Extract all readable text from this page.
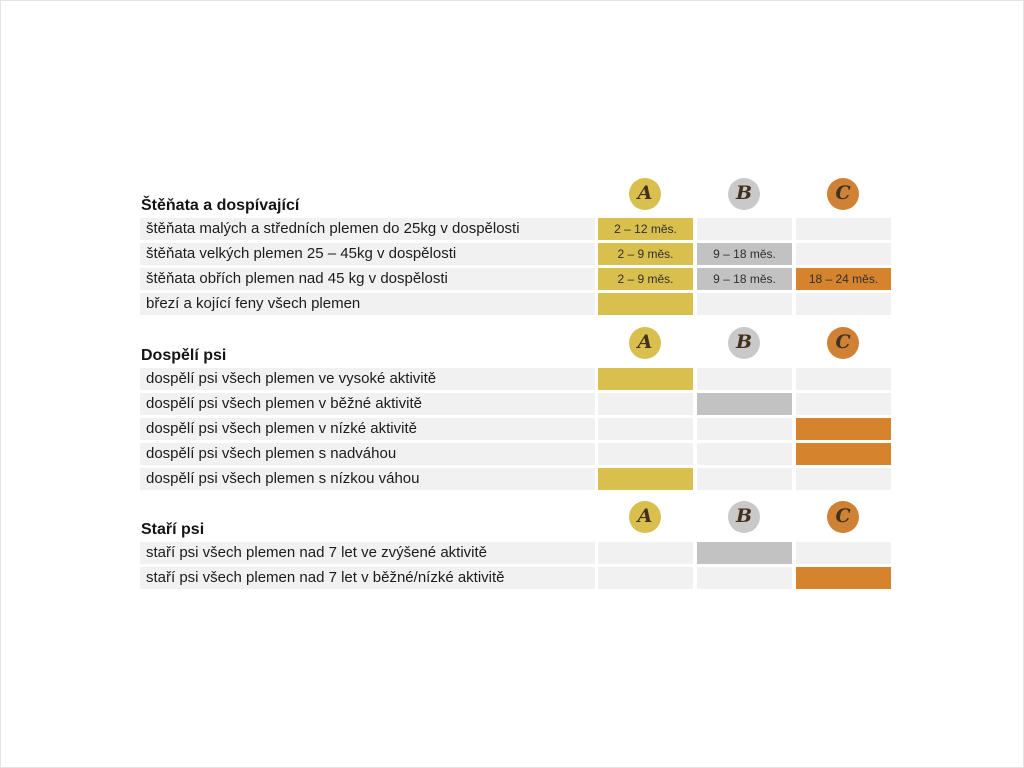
Štěňata a dospívající
A	B	C
štěňata malých a středních plemen do 25kg v dospělosti	2 – 12 měs.
štěňata velkých plemen 25 – 45kg v dospělosti	2 – 9 měs.	9 – 18 měs.
štěňata obřích plemen nad 45 kg v dospělosti	2 – 9 měs.	9 – 18 měs.	18 – 24 měs.
březí a kojící feny všech plemen
Dospělí psi
A	B	C
dospělí psi všech plemen ve vysoké aktivitě
dospělí psi všech plemen v běžné aktivitě
dospělí psi všech plemen v nízké aktivitě
dospělí psi všech plemen s nadváhou
dospělí psi všech plemen s nízkou váhou
Staří psi
A	B	C
staří psi všech plemen nad 7 let ve zvýšené aktivitě
staří psi všech plemen nad 7 let v běžné/nízké aktivitě
